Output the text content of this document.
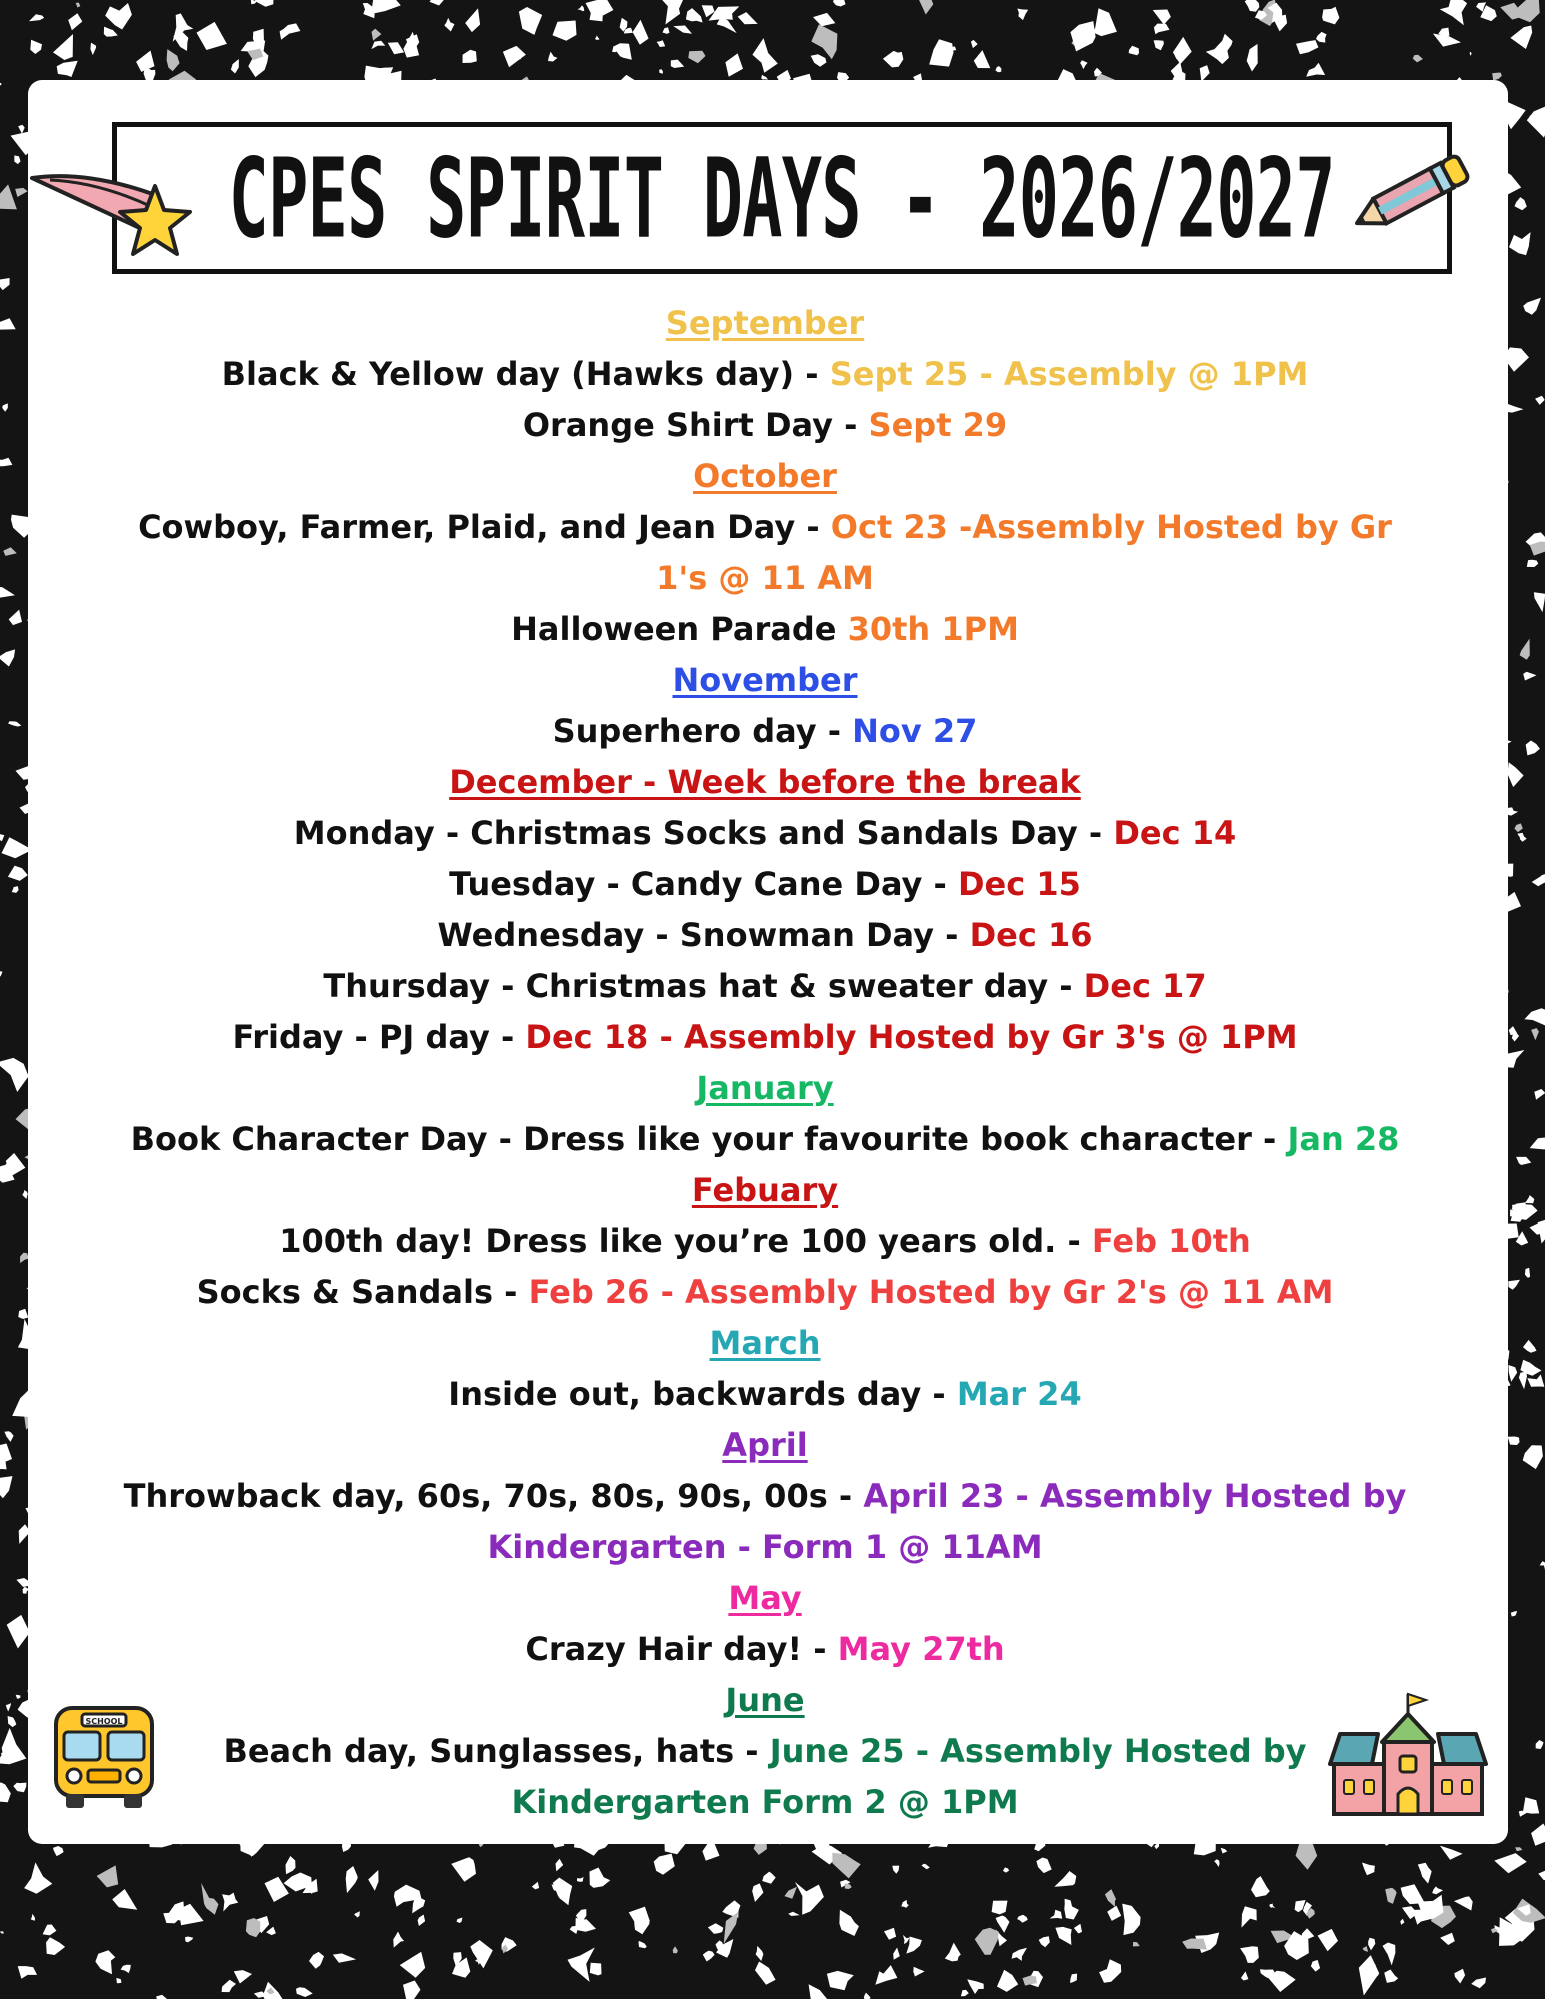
CPES SPIRIT DAYS - 2026/2027
SCHOOL
September
Black & Yellow day (Hawks day) - Sept 25 - Assembly @ 1PM
Orange Shirt Day - Sept 29
October
Cowboy, Farmer, Plaid, and Jean Day - Oct 23 -Assembly Hosted by Gr 1's @ 11 AM
Halloween Parade 30th 1PM
November
Superhero day - Nov 27
December - Week before the break
Monday - Christmas Socks and Sandals Day - Dec 14
Tuesday - Candy Cane Day - Dec 15
Wednesday - Snowman Day - Dec 16
Thursday - Christmas hat & sweater day - Dec 17
Friday - PJ day - Dec 18 - Assembly Hosted by Gr 3's @ 1PM
January
Book Character Day - Dress like your favourite book character - Jan 28
Febuary
100th day! Dress like you’re 100 years old. - Feb 10th
Socks & Sandals - Feb 26 - Assembly Hosted by Gr 2's @ 11 AM
March
Inside out, backwards day - Mar 24
April
Throwback day, 60s, 70s, 80s, 90s, 00s - April 23 - Assembly Hosted by Kindergarten - Form 1 @ 11AM
May
Crazy Hair day! - May 27th
June
Beach day, Sunglasses, hats - June 25 - Assembly Hosted by Kindergarten Form 2 @ 1PM
